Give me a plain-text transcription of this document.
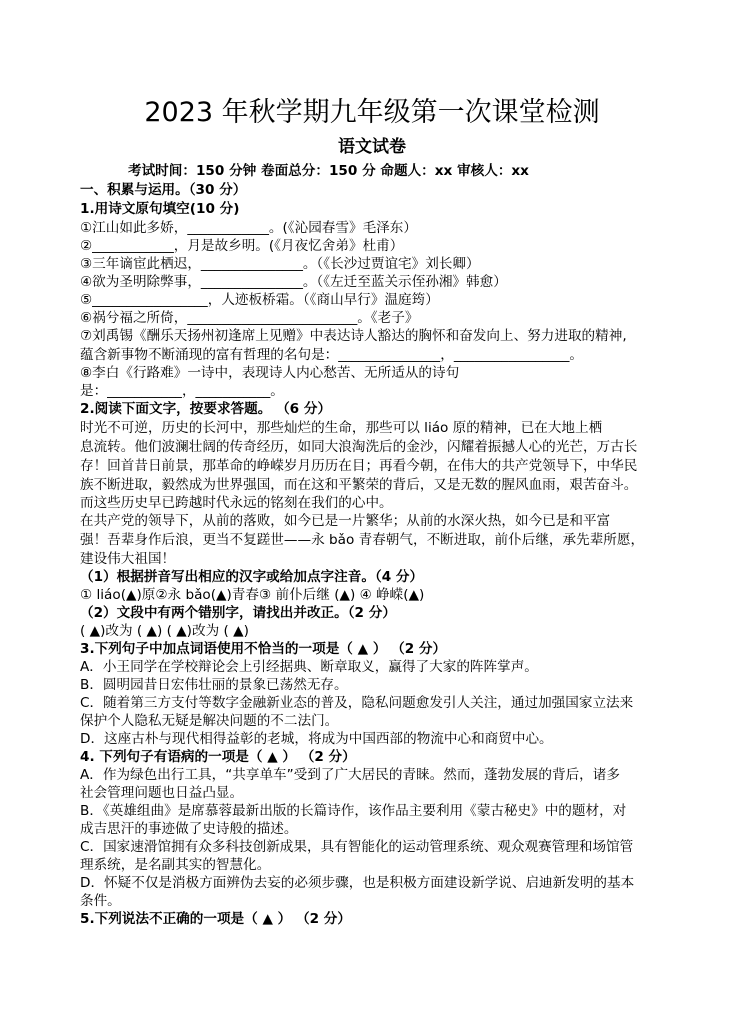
2023 年秋学期九年级第一次课堂检测
语文试卷
考试时间：150 分钟 卷面总分：150 分 命题人：xx 审核人：xx
一、积累与运用。（30 分）
1.用诗文原句填空(10 分)
①江山如此多娇，____________。(《沁园春雪》毛泽东）
②____________，月是故乡明。(《月夜忆舍弟》杜甫）
③三年谪宦此栖迟，_______________。（《长沙过贾谊宅》刘长卿）
④欲为圣明除弊事，_______________。（《左迁至蓝关示侄孙湘》韩愈）
⑤_________________，人迹板桥霜。（《商山早行》温庭筠）
⑥祸兮福之所倚，_________________________。《老子》
⑦刘禹锡《酬乐天扬州初逢席上见赠》中表达诗人豁达的胸怀和奋发向上、努力进取的精神,
蕴含新事物不断涌现的富有哲理的名句是：_______________，_________________。
⑧李白《行路难》一诗中，表现诗人内心愁苦、无所适从的诗句
是：___________，___________。
2.阅读下面文字，按要求答题。 （6 分）
时光不可逆，历史的长河中，那些灿烂的生命，那些可以 liáo 原的精神，已在大地上栖
息流转。他们波澜壮阔的传奇经历，如同大浪淘洗后的金沙，闪耀着振撼人心的光芒，万古长
存！回首昔日前景，那革命的峥嵘岁月历历在目；再看今朝，在伟大的共产党领导下，中华民
族不断进取，毅然成为世界强国，而在这和平繁荣的背后，又是无数的腥风血雨，艰苦奋斗。
而这些历史早已跨越时代永远的铭刻在我们的心中。
在共产党的领导下，从前的落败，如今已是一片繁华；从前的水深火热，如今已是和平富
强！吾辈身作后浪，更当不复蹉世——永 bǎo 青春朝气，不断进取，前仆后继，承先辈所愿，
建设伟大祖国！
（1）根据拼音写出相应的汉字或给加点字注音。（4 分）
① liáo(▲)原②永 bǎo(▲)青春③ 前仆后继 (▲) ④ 峥嵘(▲)
（2）文段中有两个错别字，请找出并改正。（2 分）
( ▲)改为 ( ▲) ( ▲)改为 ( ▲)
3.下列句子中加点词语使用不恰当的一项是（ ▲ ） （2 分）
A．小王同学在学校辩论会上引经据典、断章取义，赢得了大家的阵阵掌声。
B．圆明园昔日宏伟壮丽的景象已荡然无存。
C．随着第三方支付等数字金融新业态的普及，隐私问题愈发引人关注，通过加强国家立法来
保护个人隐私无疑是解决问题的不二法门。
D．这座古朴与现代相得益彰的老城，将成为中国西部的物流中心和商贸中心。
4. 下列句子有语病的一项是（ ▲ ） （2 分）
A．作为绿色出行工具，“共享单车”受到了广大居民的青睐。然而，蓬勃发展的背后，诸多
社会管理问题也日益凸显。
B．《英雄组曲》是席慕蓉最新出版的长篇诗作，该作品主要利用《蒙古秘史》中的题材，对
成吉思汗的事迹做了史诗般的描述。
C．国家速滑馆拥有众多科技创新成果，具有智能化的运动管理系统、观众观赛管理和场馆管
理系统，是名副其实的智慧化。
D．怀疑不仅是消极方面辨伪去妄的必须步骤，也是积极方面建设新学说、启迪新发明的基本
条件。
5.下列说法不正确的一项是（ ▲ ） （2 分）
